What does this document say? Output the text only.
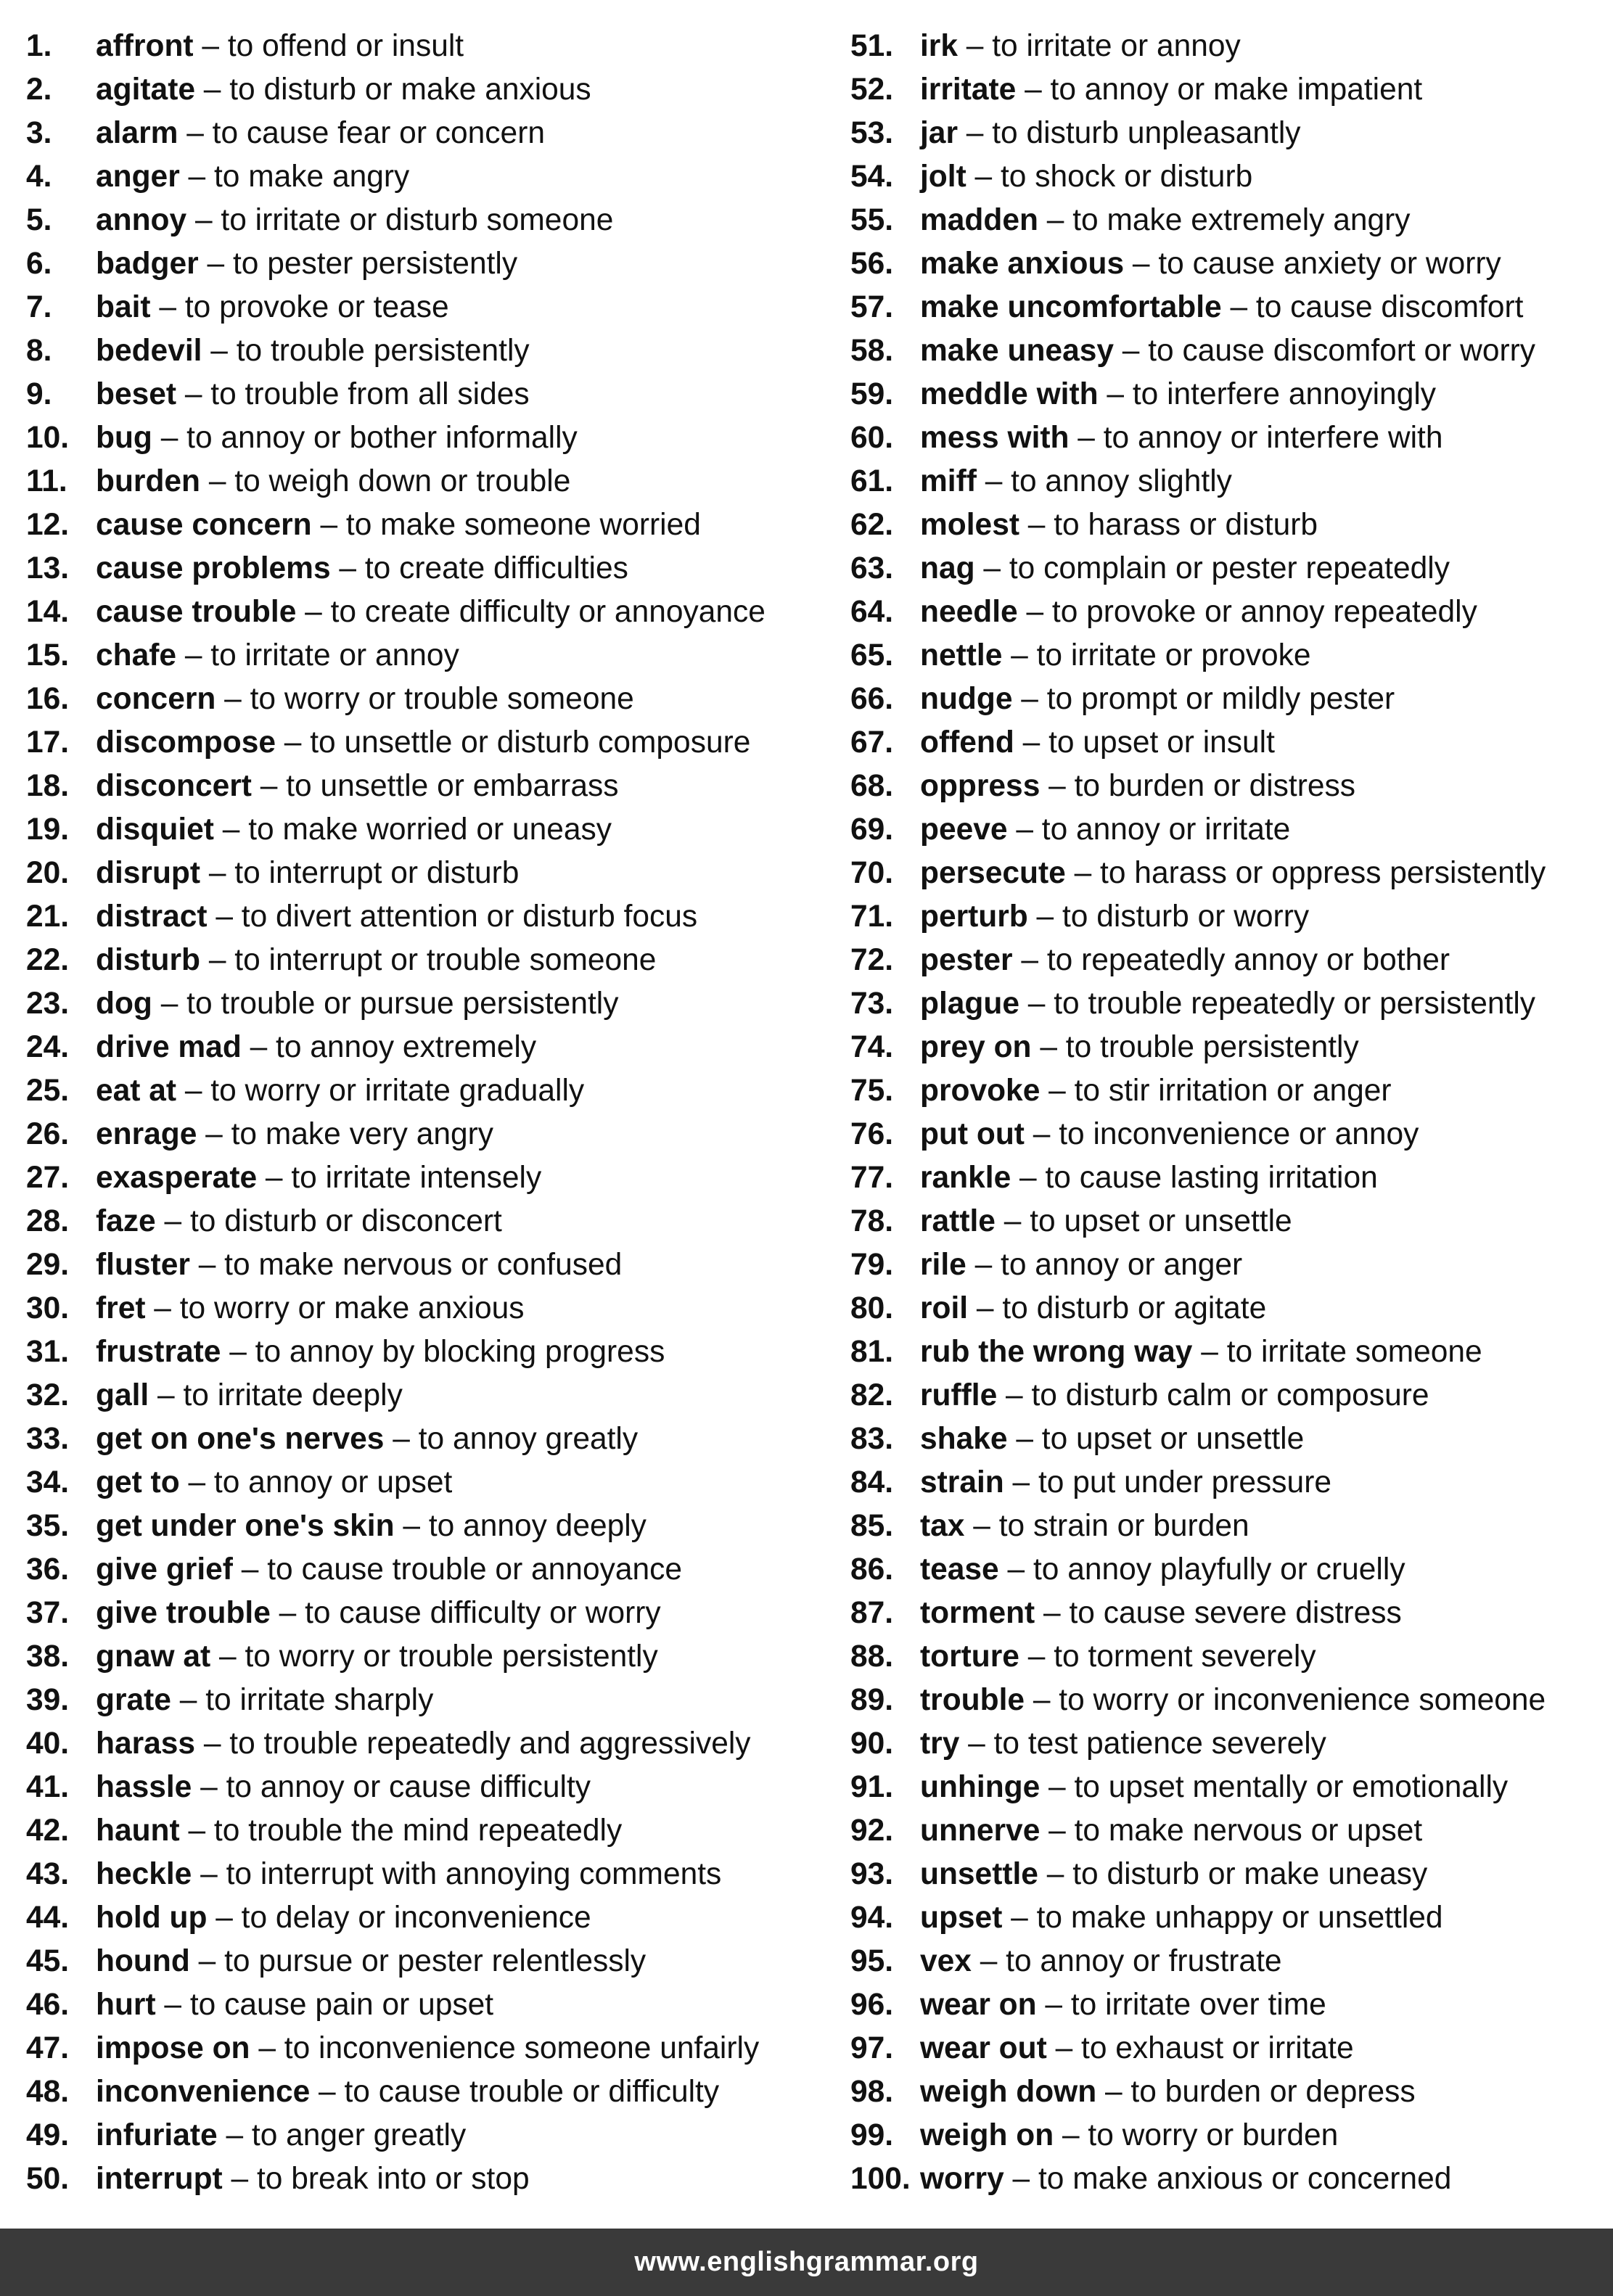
1.	affront – to offend or insult
2.	agitate – to disturb or make anxious
3.	alarm – to cause fear or concern
4.	anger – to make angry
5.	annoy – to irritate or disturb someone
6.	badger – to pester persistently
7.	bait – to provoke or tease
8.	bedevil – to trouble persistently
9.	beset – to trouble from all sides
10. bug – to annoy or bother informally
11. burden – to weigh down or trouble
12. cause concern – to make someone worried
13. cause problems – to create difficulties
14. cause trouble – to create difficulty or annoyance
15. chafe – to irritate or annoy
16. concern – to worry or trouble someone
17. discompose – to unsettle or disturb composure
18. disconcert – to unsettle or embarrass
19. disquiet – to make worried or uneasy
20. disrupt – to interrupt or disturb
21. distract – to divert attention or disturb focus
22. disturb – to interrupt or trouble someone
23. dog – to trouble or pursue persistently
24. drive mad – to annoy extremely
25. eat at – to worry or irritate gradually
26. enrage – to make very angry
27. exasperate – to irritate intensely
28. faze – to disturb or disconcert
29. fluster – to make nervous or confused
30. fret – to worry or make anxious
31. frustrate – to annoy by blocking progress
32. gall – to irritate deeply
33. get on one's nerves – to annoy greatly
34. get to – to annoy or upset
35. get under one's skin – to annoy deeply
36. give grief – to cause trouble or annoyance
37. give trouble – to cause difficulty or worry
38. gnaw at – to worry or trouble persistently
39. grate – to irritate sharply
40. harass – to trouble repeatedly and aggressively
41. hassle – to annoy or cause difficulty
42. haunt – to trouble the mind repeatedly
43. heckle – to interrupt with annoying comments
44. hold up – to delay or inconvenience
45. hound – to pursue or pester relentlessly
46. hurt – to cause pain or upset
47. impose on – to inconvenience someone unfairly
48. inconvenience – to cause trouble or difficulty
49. infuriate – to anger greatly
50. interrupt – to break into or stop
51. irk – to irritate or annoy
52. irritate – to annoy or make impatient
53. jar – to disturb unpleasantly
54. jolt – to shock or disturb
55. madden – to make extremely angry
56. make anxious – to cause anxiety or worry
57. make uncomfortable – to cause discomfort
58. make uneasy – to cause discomfort or worry
59. meddle with – to interfere annoyingly
60. mess with – to annoy or interfere with
61. miff – to annoy slightly
62. molest – to harass or disturb
63. nag – to complain or pester repeatedly
64. needle – to provoke or annoy repeatedly
65. nettle – to irritate or provoke
66. nudge – to prompt or mildly pester
67. offend – to upset or insult
68. oppress – to burden or distress
69. peeve – to annoy or irritate
70. persecute – to harass or oppress persistently
71. perturb – to disturb or worry
72. pester – to repeatedly annoy or bother
73. plague – to trouble repeatedly or persistently
74. prey on – to trouble persistently
75. provoke – to stir irritation or anger
76. put out – to inconvenience or annoy
77. rankle – to cause lasting irritation
78. rattle – to upset or unsettle
79. rile – to annoy or anger
80. roil – to disturb or agitate
81. rub the wrong way – to irritate someone
82. ruffle – to disturb calm or composure
83. shake – to upset or unsettle
84. strain – to put under pressure
85. tax – to strain or burden
86. tease – to annoy playfully or cruelly
87. torment – to cause severe distress
88. torture – to torment severely
89. trouble – to worry or inconvenience someone
90. try – to test patience severely
91. unhinge – to upset mentally or emotionally
92. unnerve – to make nervous or upset
93. unsettle – to disturb or make uneasy
94. upset – to make unhappy or unsettled
95. vex – to annoy or frustrate
96. wear on – to irritate over time
97. wear out – to exhaust or irritate
98. weigh down – to burden or depress
99. weigh on – to worry or burden
100. worry – to make anxious or concerned
www.englishgrammar.org
